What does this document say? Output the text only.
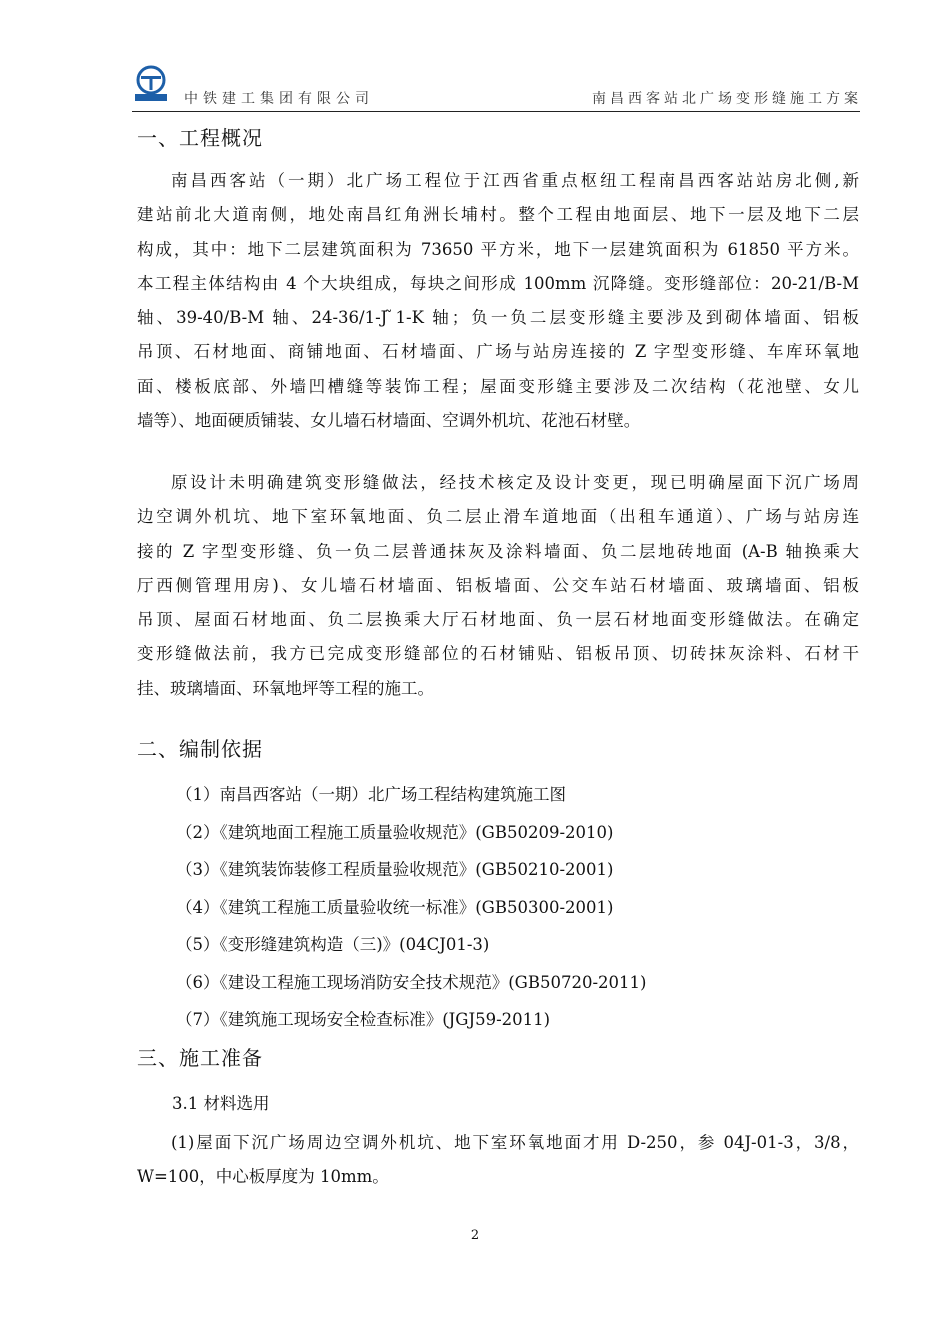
中铁建工集团有限公司	南昌西客站北广场变形缝施工方案
一、工程概况
南昌西客站（一期）北广场工程位于江西省重点枢纽工程南昌西客站站房北侧,新
建站前北大道南侧，地处南昌红角洲长埔村。整个工程由地面层、地下一层及地下二层
构成，其中：地下二层建筑面积为 73650 平方米，地下一层建筑面积为 61850 平方米。
本工程主体结构由 4 个大块组成，每块之间形成 100mm 沉降缝。变形缝部位：20-21/B-M
轴、39-40/B-M 轴、24-36/1-J ̃1-K 轴；负一负二层变形缝主要涉及到砌体墙面、铝板
吊顶、石材地面、商铺地面、石材墙面、广场与站房连接的 Z 字型变形缝、车库环氧地
面、楼板底部、外墙凹槽缝等装饰工程；屋面变形缝主要涉及二次结构（花池壁、女儿
墙等）、地面硬质铺装、女儿墙石材墙面、空调外机坑、花池石材壁。
原设计未明确建筑变形缝做法，经技术核定及设计变更，现已明确屋面下沉广场周
边空调外机坑、地下室环氧地面、负二层止滑车道地面（出租车通道）、广场与站房连
接的 Z 字型变形缝、负一负二层普通抹灰及涂料墙面、负二层地砖地面 (A-B 轴换乘大
厅西侧管理用房)、女儿墙石材墙面、铝板墙面、公交车站石材墙面、玻璃墙面、铝板
吊顶、屋面石材地面、负二层换乘大厅石材地面、负一层石材地面变形缝做法。在确定
变形缝做法前，我方已完成变形缝部位的石材铺贴、铝板吊顶、切砖抹灰涂料、石材干
挂、玻璃墙面、环氧地坪等工程的施工。
二、编制依据
（1）南昌西客站（一期）北广场工程结构建筑施工图
（2）《建筑地面工程施工质量验收规范》(GB50209-2010)
（3）《建筑装饰装修工程质量验收规范》(GB50210-2001)
（4）《建筑工程施工质量验收统一标准》(GB50300-2001)
（5）《变形缝建筑构造（三)》(04CJ01-3)
（6）《建设工程施工现场消防安全技术规范》(GB50720-2011)
（7）《建筑施工现场安全检查标准》(JGJ59-2011)
三、施工准备
3.1 材料选用
(1)屋面下沉广场周边空调外机坑、地下室环氧地面才用 D-250，参 04J-01-3，3/8，
W=100，中心板厚度为 10mm。
2
